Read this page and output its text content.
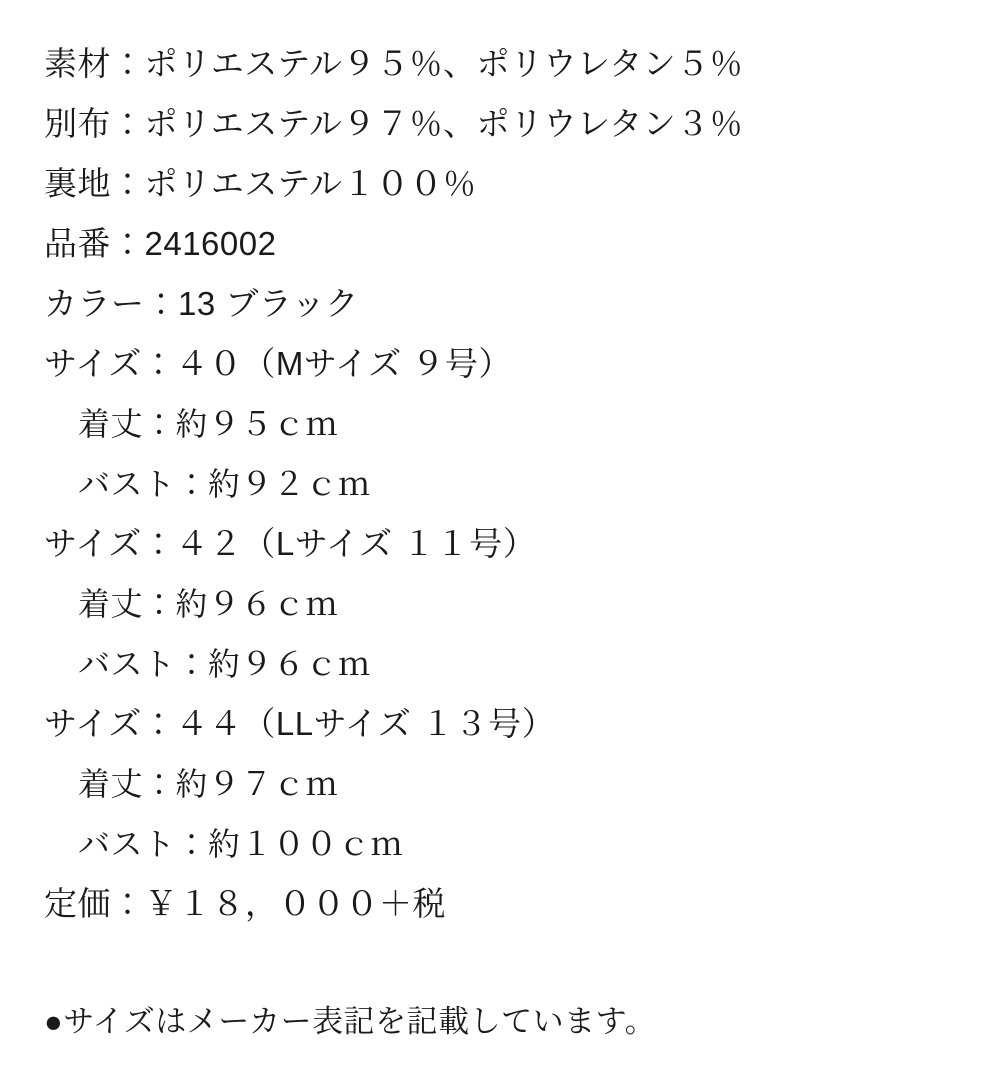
素材：ポリエステル９５％、ポリウレタン５％
別布：ポリエステル９７％、ポリウレタン３％
裏地：ポリエステル１００％
品番：2416002
カラー：13 ブラック
サイズ：４０（Mサイズ ９号）
着丈：約９５ｃｍ
バスト：約９２ｃｍ
サイズ：４２（Lサイズ １１号）
着丈：約９６ｃｍ
バスト：約９６ｃｍ
サイズ：４４（LLサイズ １３号）
着丈：約９７ｃｍ
バスト：約１００ｃｍ
定価：￥１８，０００＋税
●サイズはメーカー表記を記載しています。
